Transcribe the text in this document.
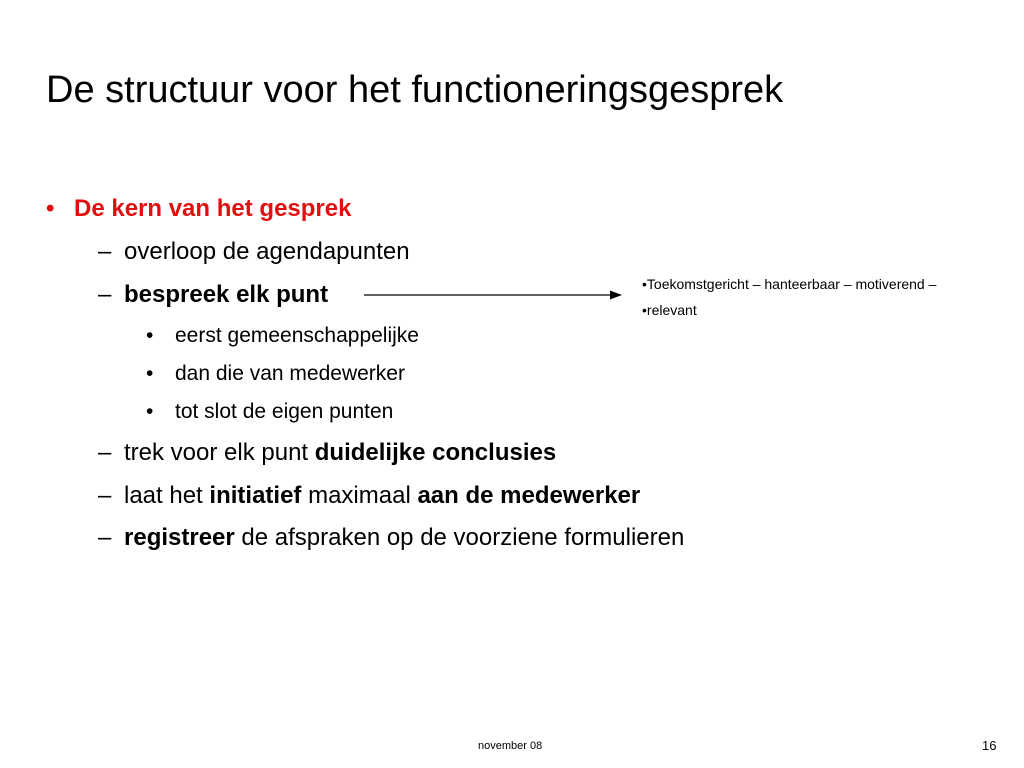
De structuur voor het functioneringsgesprek
• De kern van het gesprek
– overloop de agendapunten
– bespreek elk punt
• eerst gemeenschappelijke
• dan die van medewerker
• tot slot de eigen punten
– trek voor elk punt duidelijke conclusies
– laat het initiatief maximaal aan de medewerker
– registreer de afspraken op de voorziene formulieren
•Toekomstgericht – hanteerbaar – motiverend –
•relevant
november 08	16
